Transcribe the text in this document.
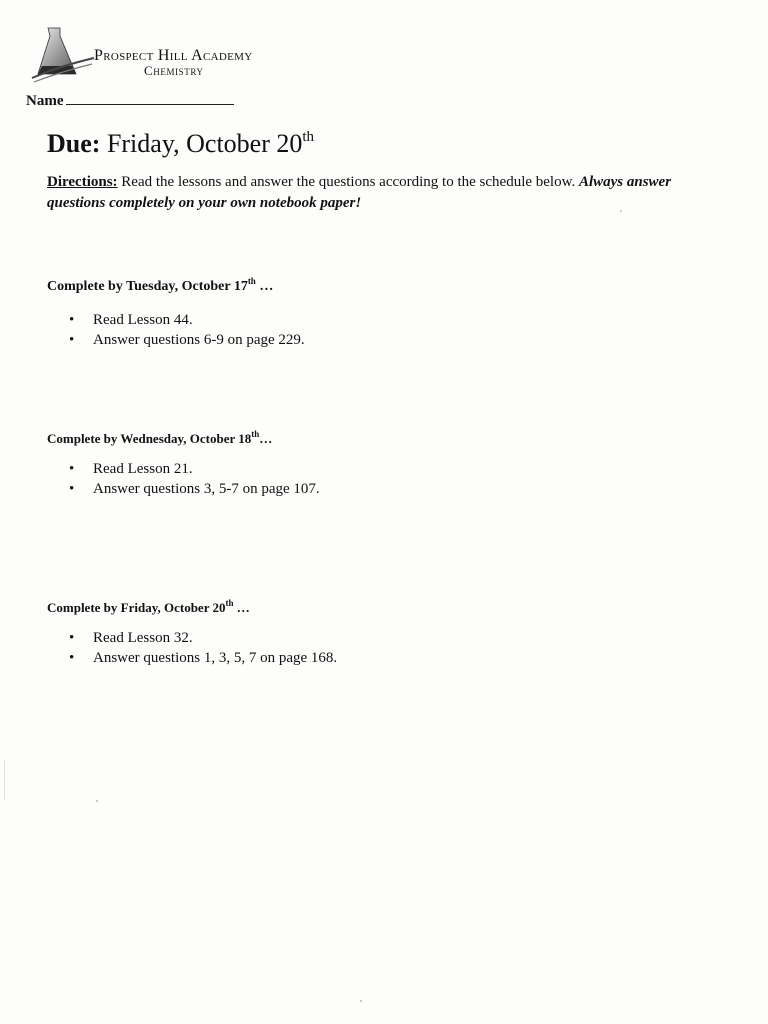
Prospect Hill Academy
Chemistry
Name
Due: Friday, October 20th
Directions: Read the lessons and answer the questions according to the schedule below. Always answer questions completely on your own notebook paper!
Complete by Tuesday, October 17th …
• Read Lesson 44.
• Answer questions 6-9 on page 229.
Complete by Wednesday, October 18th…
• Read Lesson 21.
• Answer questions 3, 5-7 on page 107.
Complete by Friday, October 20th …
• Read Lesson 32.
• Answer questions 1, 3, 5, 7 on page 168.
